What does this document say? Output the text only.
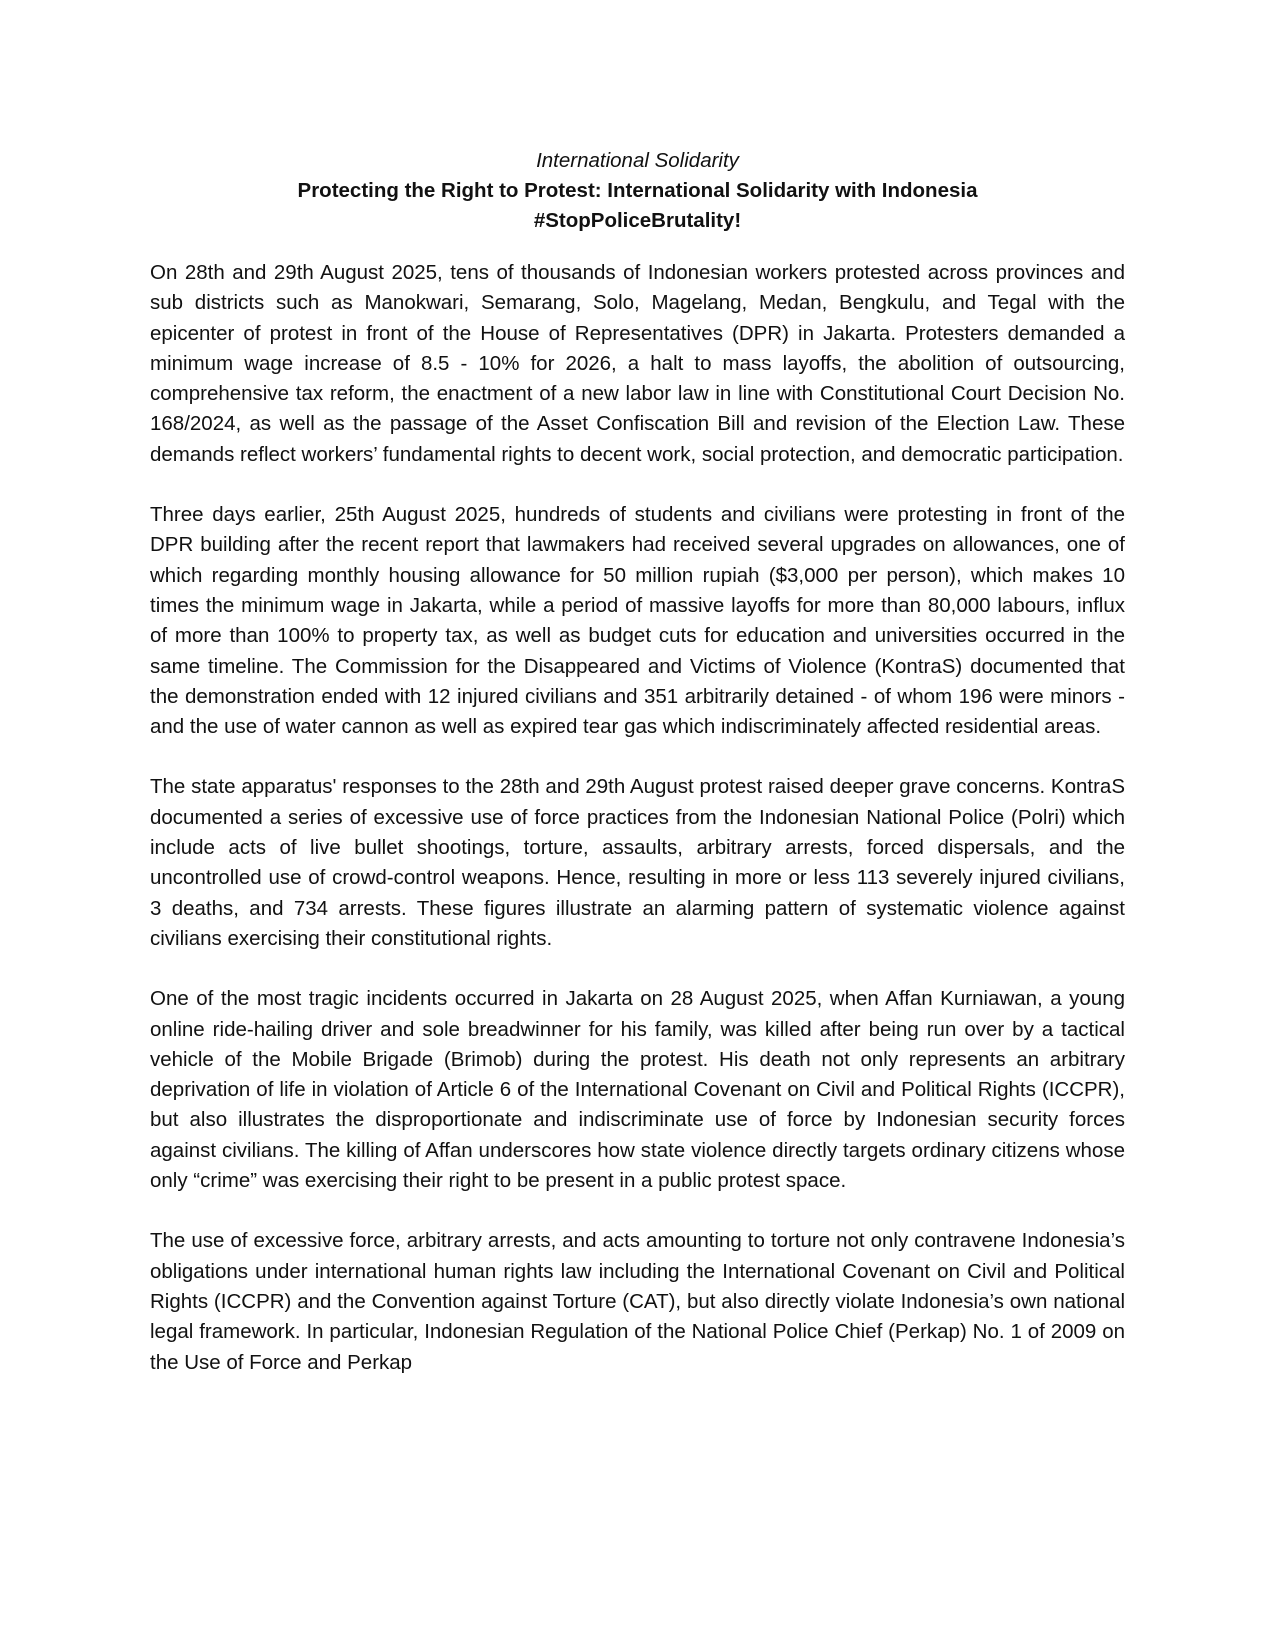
International Solidarity
Protecting the Right to Protest: International Solidarity with Indonesia
#StopPoliceBrutality!

On 28th and 29th August 2025, tens of thousands of Indonesian workers protested across provinces and sub districts such as Manokwari, Semarang, Solo, Magelang, Medan, Bengkulu, and Tegal with the epicenter of protest in front of the House of Representatives (DPR) in Jakarta. Protesters demanded a minimum wage increase of 8.5 - 10% for 2026, a halt to mass layoffs, the abolition of outsourcing, comprehensive tax reform, the enactment of a new labor law in line with Constitutional Court Decision No. 168/2024, as well as the passage of the Asset Confiscation Bill and revision of the Election Law. These demands reflect workers’ fundamental rights to decent work, social protection, and democratic participation.

Three days earlier, 25th August 2025, hundreds of students and civilians were protesting in front of the DPR building after the recent report that lawmakers had received several upgrades on allowances, one of which regarding monthly housing allowance for 50 million rupiah ($3,000 per person), which makes 10 times the minimum wage in Jakarta, while a period of massive layoffs for more than 80,000 labours, influx of more than 100% to property tax, as well as budget cuts for education and universities occurred in the same timeline. The Commission for the Disappeared and Victims of Violence (KontraS) documented that the demonstration ended with 12 injured civilians and 351 arbitrarily detained - of whom 196 were minors - and the use of water cannon as well as expired tear gas which indiscriminately affected residential areas.

The state apparatus' responses to the 28th and 29th August protest raised deeper grave concerns. KontraS documented a series of excessive use of force practices from the Indonesian National Police (Polri) which include acts of live bullet shootings, torture, assaults, arbitrary arrests, forced dispersals, and the uncontrolled use of crowd-control weapons. Hence, resulting in more or less 113 severely injured civilians, 3 deaths, and 734 arrests. These figures illustrate an alarming pattern of systematic violence against civilians exercising their constitutional rights.

One of the most tragic incidents occurred in Jakarta on 28 August 2025, when Affan Kurniawan, a young online ride-hailing driver and sole breadwinner for his family, was killed after being run over by a tactical vehicle of the Mobile Brigade (Brimob) during the protest. His death not only represents an arbitrary deprivation of life in violation of Article 6 of the International Covenant on Civil and Political Rights (ICCPR), but also illustrates the disproportionate and indiscriminate use of force by Indonesian security forces against civilians. The killing of Affan underscores how state violence directly targets ordinary citizens whose only “crime” was exercising their right to be present in a public protest space.

The use of excessive force, arbitrary arrests, and acts amounting to torture not only contravene Indonesia’s obligations under international human rights law including the International Covenant on Civil and Political Rights (ICCPR) and the Convention against Torture (CAT), but also directly violate Indonesia’s own national legal framework. In particular, Indonesian Regulation of the National Police Chief (Perkap) No. 1 of 2009 on the Use of Force and Perkap
